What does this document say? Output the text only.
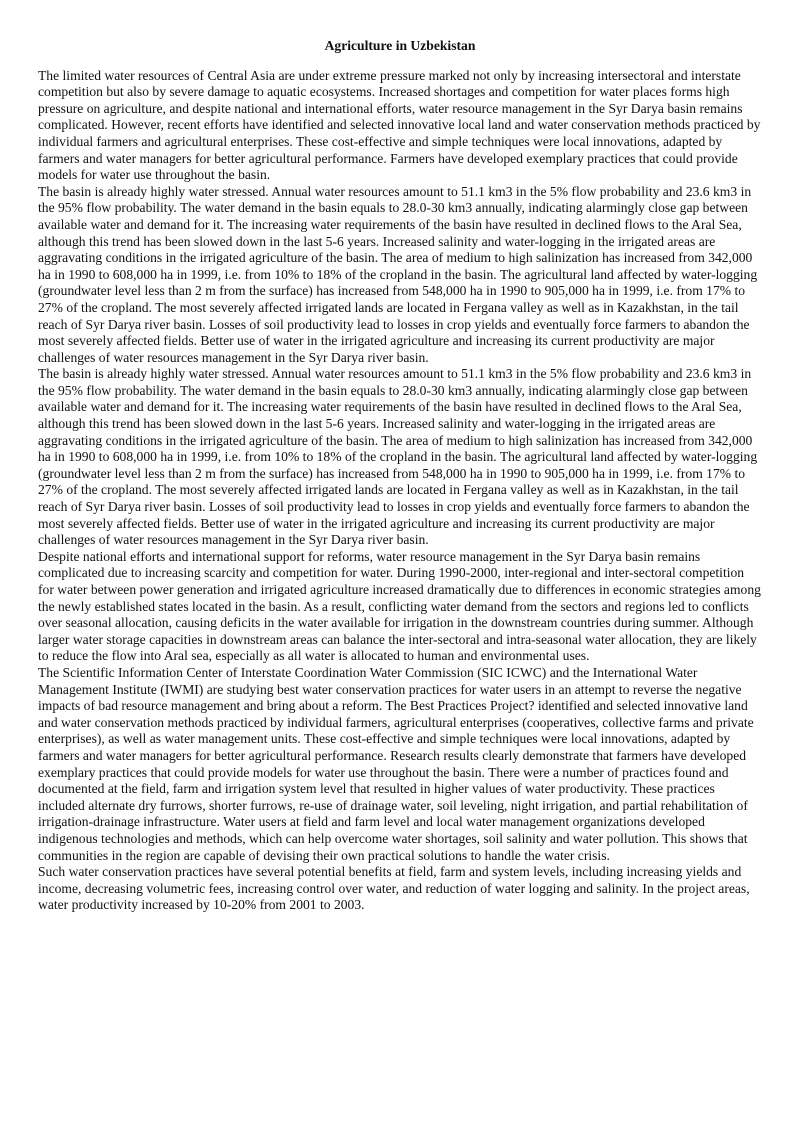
Agriculture in Uzbekistan

The limited water resources of Central Asia are under extreme pressure marked not only by increasing intersectoral and interstate competition but also by severe damage to aquatic ecosystems. Increased shortages and competition for water places forms high pressure on agriculture, and despite national and international efforts, water resource management in the Syr Darya basin remains complicated. However, recent efforts have identified and selected innovative local land and water conservation methods practiced by individual farmers and agricultural enterprises. These cost-effective and simple techniques were local innovations, adapted by farmers and water managers for better agricultural performance. Farmers have developed exemplary practices that could provide models for water use throughout the basin.

The basin is already highly water stressed. Annual water resources amount to 51.1 km3 in the 5% flow probability and 23.6 km3 in the 95% flow probability. The water demand in the basin equals to 28.0-30 km3 annually, indicating alarmingly close gap between available water and demand for it. The increasing water requirements of the basin have resulted in declined flows to the Aral Sea, although this trend has been slowed down in the last 5-6 years. Increased salinity and water-logging in the irrigated areas are aggravating conditions in the irrigated agriculture of the basin. The area of medium to high salinization has increased from 342,000 ha in 1990 to 608,000 ha in 1999, i.e. from 10% to 18% of the cropland in the basin. The agricultural land affected by water-logging (groundwater level less than 2 m from the surface) has increased from 548,000 ha in 1990 to 905,000 ha in 1999, i.e. from 17% to 27% of the cropland. The most severely affected irrigated lands are located in Fergana valley as well as in Kazakhstan, in the tail reach of Syr Darya river basin. Losses of soil productivity lead to losses in crop yields and eventually force farmers to abandon the most severely affected fields. Better use of water in the irrigated agriculture and increasing its current productivity are major challenges of water resources management in the Syr Darya river basin.

The basin is already highly water stressed. Annual water resources amount to 51.1 km3 in the 5% flow probability and 23.6 km3 in the 95% flow probability. The water demand in the basin equals to 28.0-30 km3 annually, indicating alarmingly close gap between available water and demand for it. The increasing water requirements of the basin have resulted in declined flows to the Aral Sea, although this trend has been slowed down in the last 5-6 years. Increased salinity and water-logging in the irrigated areas are aggravating conditions in the irrigated agriculture of the basin. The area of medium to high salinization has increased from 342,000 ha in 1990 to 608,000 ha in 1999, i.e. from 10% to 18% of the cropland in the basin. The agricultural land affected by water-logging (groundwater level less than 2 m from the surface) has increased from 548,000 ha in 1990 to 905,000 ha in 1999, i.e. from 17% to 27% of the cropland. The most severely affected irrigated lands are located in Fergana valley as well as in Kazakhstan, in the tail reach of Syr Darya river basin. Losses of soil productivity lead to losses in crop yields and eventually force farmers to abandon the most severely affected fields. Better use of water in the irrigated agriculture and increasing its current productivity are major challenges of water resources management in the Syr Darya river basin.

Despite national efforts and international support for reforms, water resource management in the Syr Darya basin remains complicated due to increasing scarcity and competition for water. During 1990-2000, inter-regional and inter-sectoral competition for water between power generation and irrigated agriculture increased dramatically due to differences in economic strategies among the newly established states located in the basin. As a result, conflicting water demand from the sectors and regions led to conflicts over seasonal allocation, causing deficits in the water available for irrigation in the downstream countries during summer. Although larger water storage capacities in downstream areas can balance the inter-sectoral and intra-seasonal water allocation, they are likely to reduce the flow into Aral sea, especially as all water is allocated to human and environmental uses.

The Scientific Information Center of Interstate Coordination Water Commission (SIC ICWC) and the International Water Management Institute (IWMI) are studying best water conservation practices for water users in an attempt to reverse the negative impacts of bad resource management and bring about a reform. The Best Practices Project? identified and selected innovative land and water conservation methods practiced by individual farmers, agricultural enterprises (cooperatives, collective farms and private enterprises), as well as water management units. These cost-effective and simple techniques were local innovations, adapted by farmers and water managers for better agricultural performance. Research results clearly demonstrate that farmers have developed exemplary practices that could provide models for water use throughout the basin. There were a number of practices found and documented at the field, farm and irrigation system level that resulted in higher values of water productivity. These practices included alternate dry furrows, shorter furrows, re-use of drainage water, soil leveling, night irrigation, and partial rehabilitation of irrigation-drainage infrastructure. Water users at field and farm level and local water management organizations developed indigenous technologies and methods, which can help overcome water shortages, soil salinity and water pollution. This shows that communities in the region are capable of devising their own practical solutions to handle the water crisis.

Such water conservation practices have several potential benefits at field, farm and system levels, including increasing yields and income, decreasing volumetric fees, increasing control over water, and reduction of water logging and salinity. In the project areas, water productivity increased by 10-20% from 2001 to 2003.
